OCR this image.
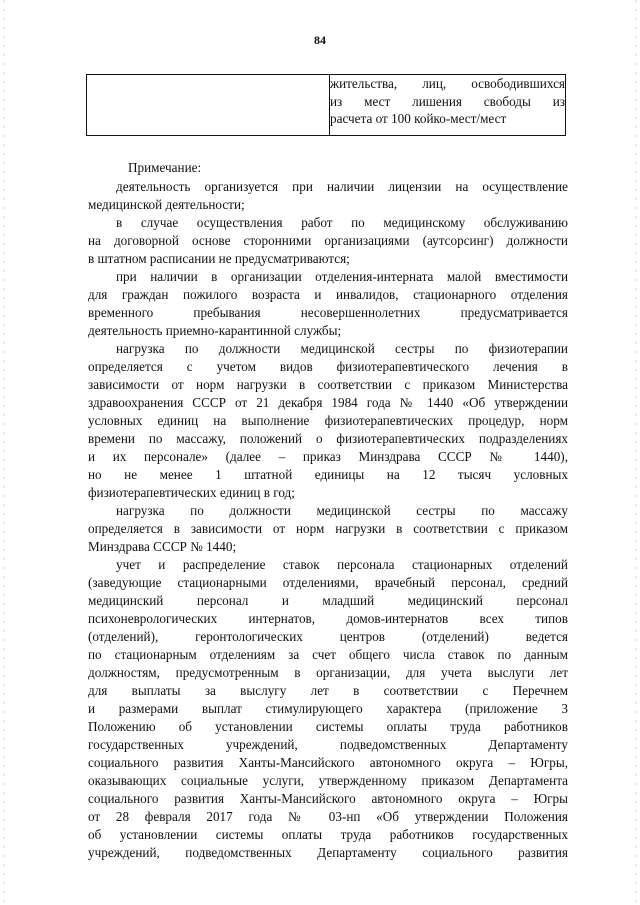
84

жительства, лиц, освободившихся
из мест лишения свободы из
расчета от 100 койко-мест/мест
Примечание:
деятельность организуется при наличии лицензии на осуществление
медицинской деятельности;
в случае осуществления работ по медицинскому обслуживанию
на договорной основе сторонними организациями (аутсорсинг) должности
в штатном расписании не предусматриваются;
при наличии в организации отделения-интерната малой вместимости
для граждан пожилого возраста и инвалидов, стационарного отделения
временного пребывания несовершеннолетних предусматривается
деятельность приемно-карантинной службы;
нагрузка по должности медицинской сестры по физиотерапии
определяется с учетом видов физиотерапевтического лечения в
зависимости от норм нагрузки в соответствии с приказом Министерства
здравоохранения СССР от 21 декабря 1984 года № 1440 «Об утверждении
условных единиц на выполнение физиотерапевтических процедур, норм
времени по массажу, положений о физиотерапевтических подразделениях
и их персонале» (далее – приказ Минздрава СССР № 1440),
но не менее 1 штатной единицы на 12 тысяч условных
физиотерапевтических единиц в год;
нагрузка по должности медицинской сестры по массажу
определяется в зависимости от норм нагрузки в соответствии с приказом
Минздрава СССР № 1440;
учет и распределение ставок персонала стационарных отделений
(заведующие стационарными отделениями, врачебный персонал, средний
медицинский персонал и младший медицинский персонал
психоневрологических интернатов, домов-интернатов всех типов
(отделений), геронтологических центров (отделений) ведется
по стационарным отделениям за счет общего числа ставок по данным
должностям, предусмотренным в организации, для учета выслуги лет
для выплаты за выслугу лет в соответствии с Перечнем
и размерами выплат стимулирующего характера (приложение 3
Положению об установлении системы оплаты труда работников
государственных учреждений, подведомственных Департаменту
социального развития Ханты-Мансийского автономного округа – Югры,
оказывающих социальные услуги, утвержденному приказом Департамента
социального развития Ханты-Мансийского автономного округа – Югры
от 28 февраля 2017 года № 03-нп «Об утверждении Положения
об установлении системы оплаты труда работников государственных
учреждений, подведомственных Департаменту социального развития
